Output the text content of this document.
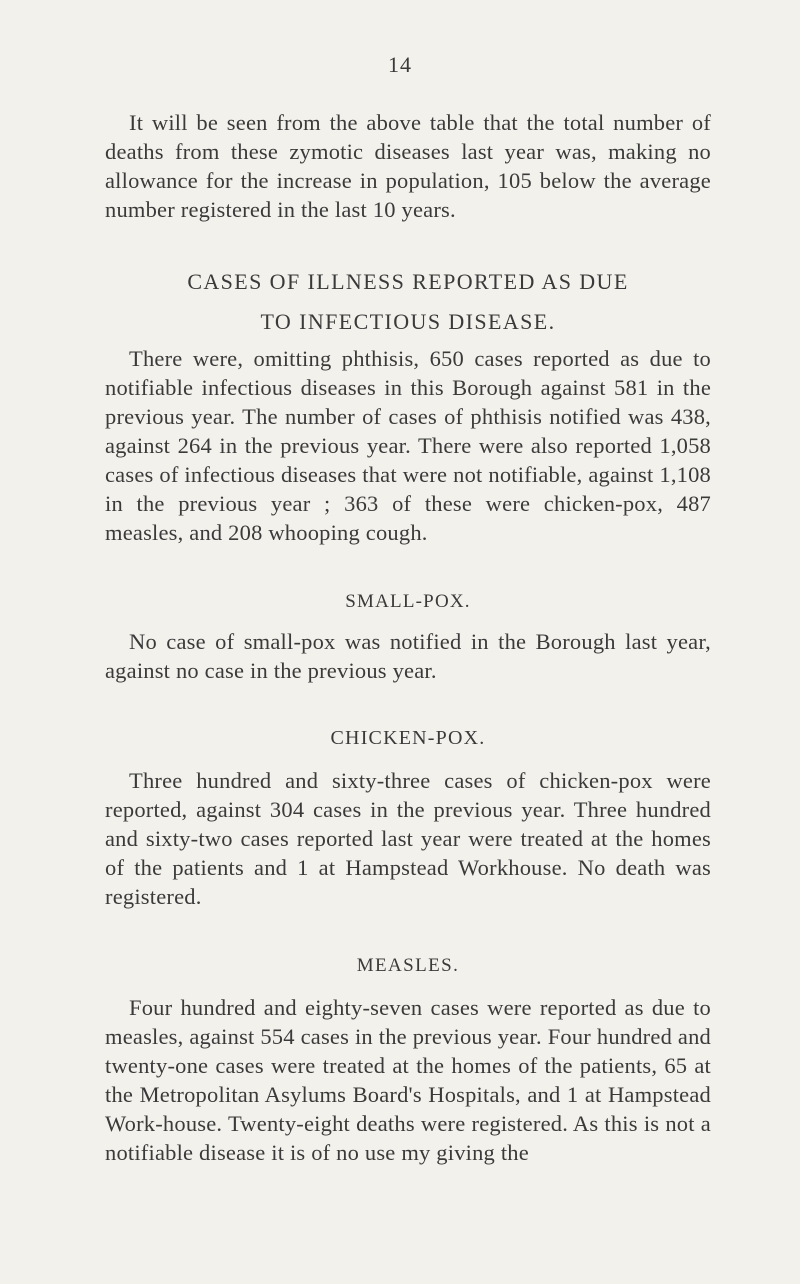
14

It will be seen from the above table that the total number of deaths from these zymotic diseases last year was, making no allowance for the increase in population, 105 below the average number registered in the last 10 years.

CASES OF ILLNESS REPORTED AS DUE
TO INFECTIOUS DISEASE.

There were, omitting phthisis, 650 cases reported as due to notifiable infectious diseases in this Borough against 581 in the previous year. The number of cases of phthisis notified was 438, against 264 in the previous year. There were also reported 1,058 cases of infectious diseases that were not notifiable, against 1,108 in the previous year ; 363 of these were chicken-pox, 487 measles, and 208 whooping cough.

SMALL-POX.

No case of small-pox was notified in the Borough last year, against no case in the previous year.

CHICKEN-POX.

Three hundred and sixty-three cases of chicken-pox were reported, against 304 cases in the previous year. Three hundred and sixty-two cases reported last year were treated at the homes of the patients and 1 at Hampstead Workhouse. No death was registered.

MEASLES.

Four hundred and eighty-seven cases were reported as due to measles, against 554 cases in the previous year. Four hundred and twenty-one cases were treated at the homes of the patients, 65 at the Metropolitan Asylums Board's Hospitals, and 1 at Hampstead Work-house. Twenty-eight deaths were registered. As this is not a notifiable disease it is of no use my giving the
